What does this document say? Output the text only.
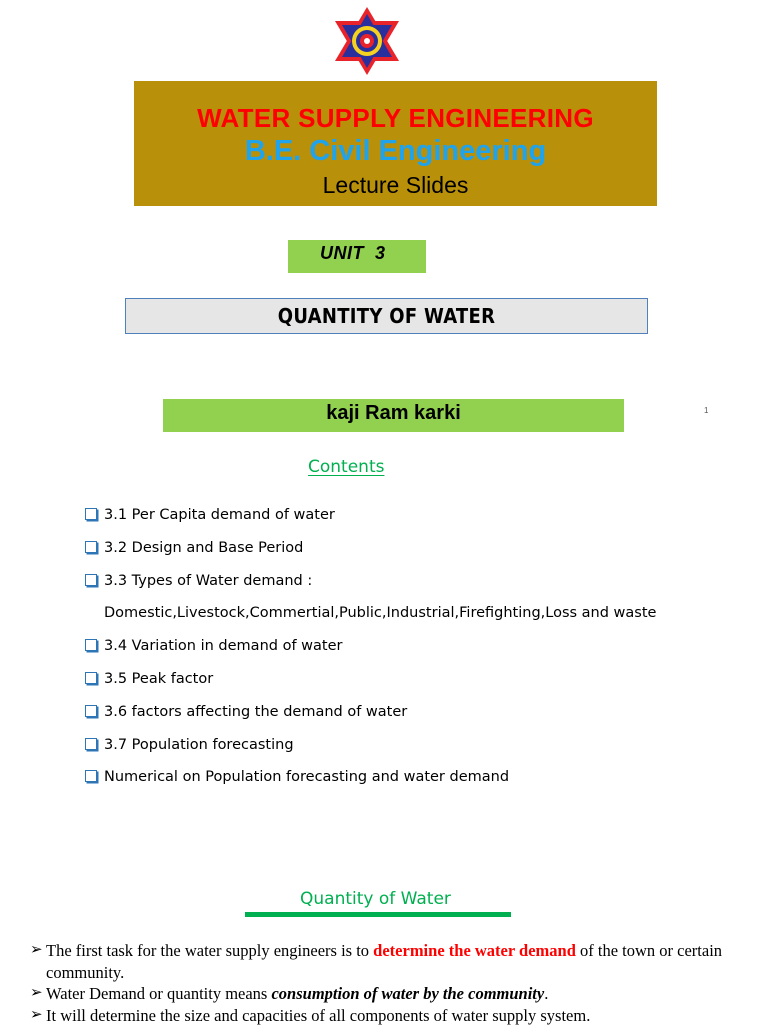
WATER SUPPLY ENGINEERING
B.E. Civil Engineering
Lecture Slides
UNIT  3
QUANTITY OF WATER
kaji Ram karki	1
Contents
3.1 Per Capita demand of water
3.2 Design and Base Period
3.3 Types of Water demand :
Domestic,Livestock,Commertial,Public,Industrial,Firefighting,Loss and waste
3.4 Variation in demand of water
3.5 Peak factor
3.6 factors affecting the demand of water
3.7 Population forecasting
Numerical on Population forecasting and water demand
Quantity of Water
➢ The first task for the water supply engineers is to determine the water demand of the town or certain community.
➢ Water Demand or quantity means consumption of water by the community.
➢ It will determine the size and capacities of all components of water supply system.
